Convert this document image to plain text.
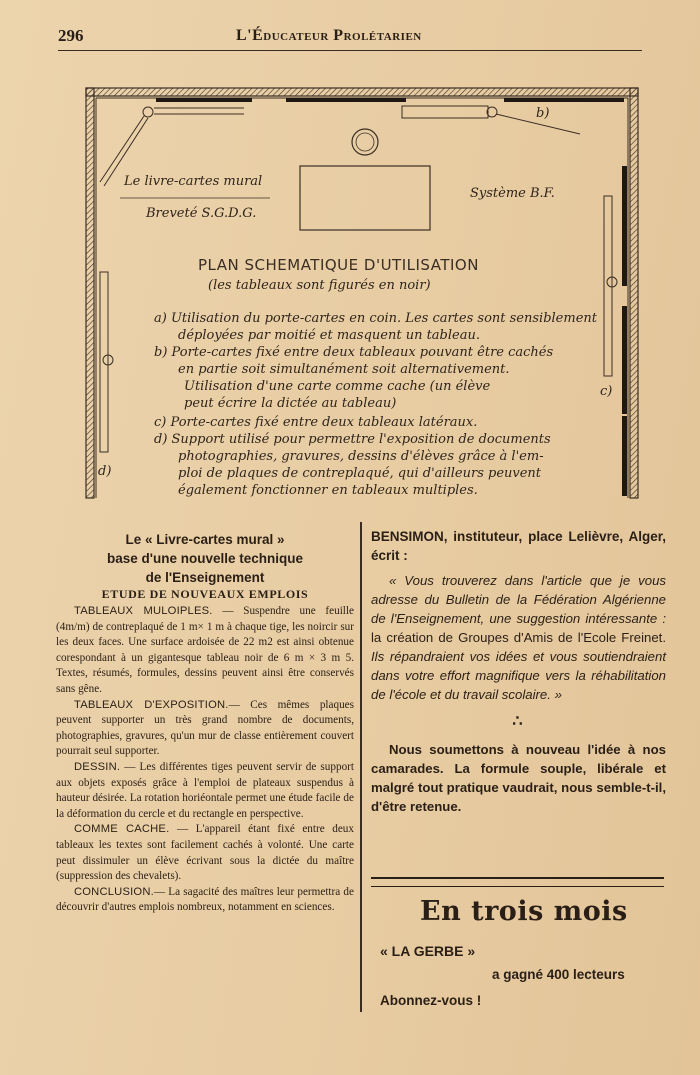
296	L'Éducateur Prolétarien
Le livre-cartes mural
Breveté S.G.D.G.
Système B.F.
b)
c)
d)
PLAN SCHEMATIQUE D'UTILISATION
(les tableaux sont figurés en noir)
a) Utilisation du porte-cartes en coin. Les cartes sont sensiblement
déployées par moitié et masquent un tableau.
b) Porte-cartes fixé entre deux tableaux pouvant être cachés
en partie soit simultanément soit alternativement.
Utilisation d'une carte comme cache (un élève
peut écrire la dictée au tableau)
c) Porte-cartes fixé entre deux tableaux latéraux.
d) Support utilisé pour permettre l'exposition de documents
photographies, gravures, dessins d'élèves grâce à l'em-
ploi de plaques de contreplaqué, qui d'ailleurs peuvent
également fonctionner en tableaux multiples.

Le « Livre-cartes mural »

base d'une nouvelle technique

de l'Enseignement

ETUDE DE NOUVEAUX EMPLOIS

TABLEAUX MULOIPLES. — Suspendre une feuille (4m/m) de contreplaqué de 1 m× 1 m à chaque tige, les noircir sur les deux faces. Une surface ardoisée de 22 m2 est ainsi obtenue corespondant à un gigantesque tableau noir de 6 m × 3 m 5. Textes, résumés, formules, dessins peuvent ainsi être conservés sans gêne.

TABLEAUX D'EXPOSITION.— Ces mêmes plaques peuvent supporter un très grand nombre de documents, photographies, gravures, qu'un mur de classe entièrement couvert pourrait seul supporter.

DESSIN. — Les différentes tiges peuvent servir de support aux objets exposés grâce à l'emploi de plateaux suspendus à hauteur désirée. La rotation horiéontale permet une étude facile de la déformation du cercle et du rectangle en perspective.

COMME CACHE. — L'appareil étant fixé entre deux tableaux les textes sont facilement cachés à volonté. Une carte peut dissimuler un élève écrivant sous la dictée du maître (suppression des chevalets).

CONCLUSION.— La sagacité des maîtres leur permettra de découvrir d'autres emplois nombreux, notamment en sciences.

BENSIMON, instituteur, place Lelièvre, Alger, écrit :

« Vous trouverez dans l'article que je vous adresse du Bulletin de la Fédération Algérienne de l'Enseignement, une suggestion intéressante : la création de Groupes d'Amis de l'Ecole Freinet. Ils répandraient vos idées et vous soutiendraient dans votre effort magnifique vers la réhabilitation de l'école et du travail scolaire. »

∴

Nous soumettons à nouveau l'idée à nos camarades. La formule souple, libérale et malgré tout pratique vaudrait, nous semble-t-il, d'être retenue.

En trois mois
« LA GERBE »
a gagné 400 lecteurs
Abonnez-vous !
